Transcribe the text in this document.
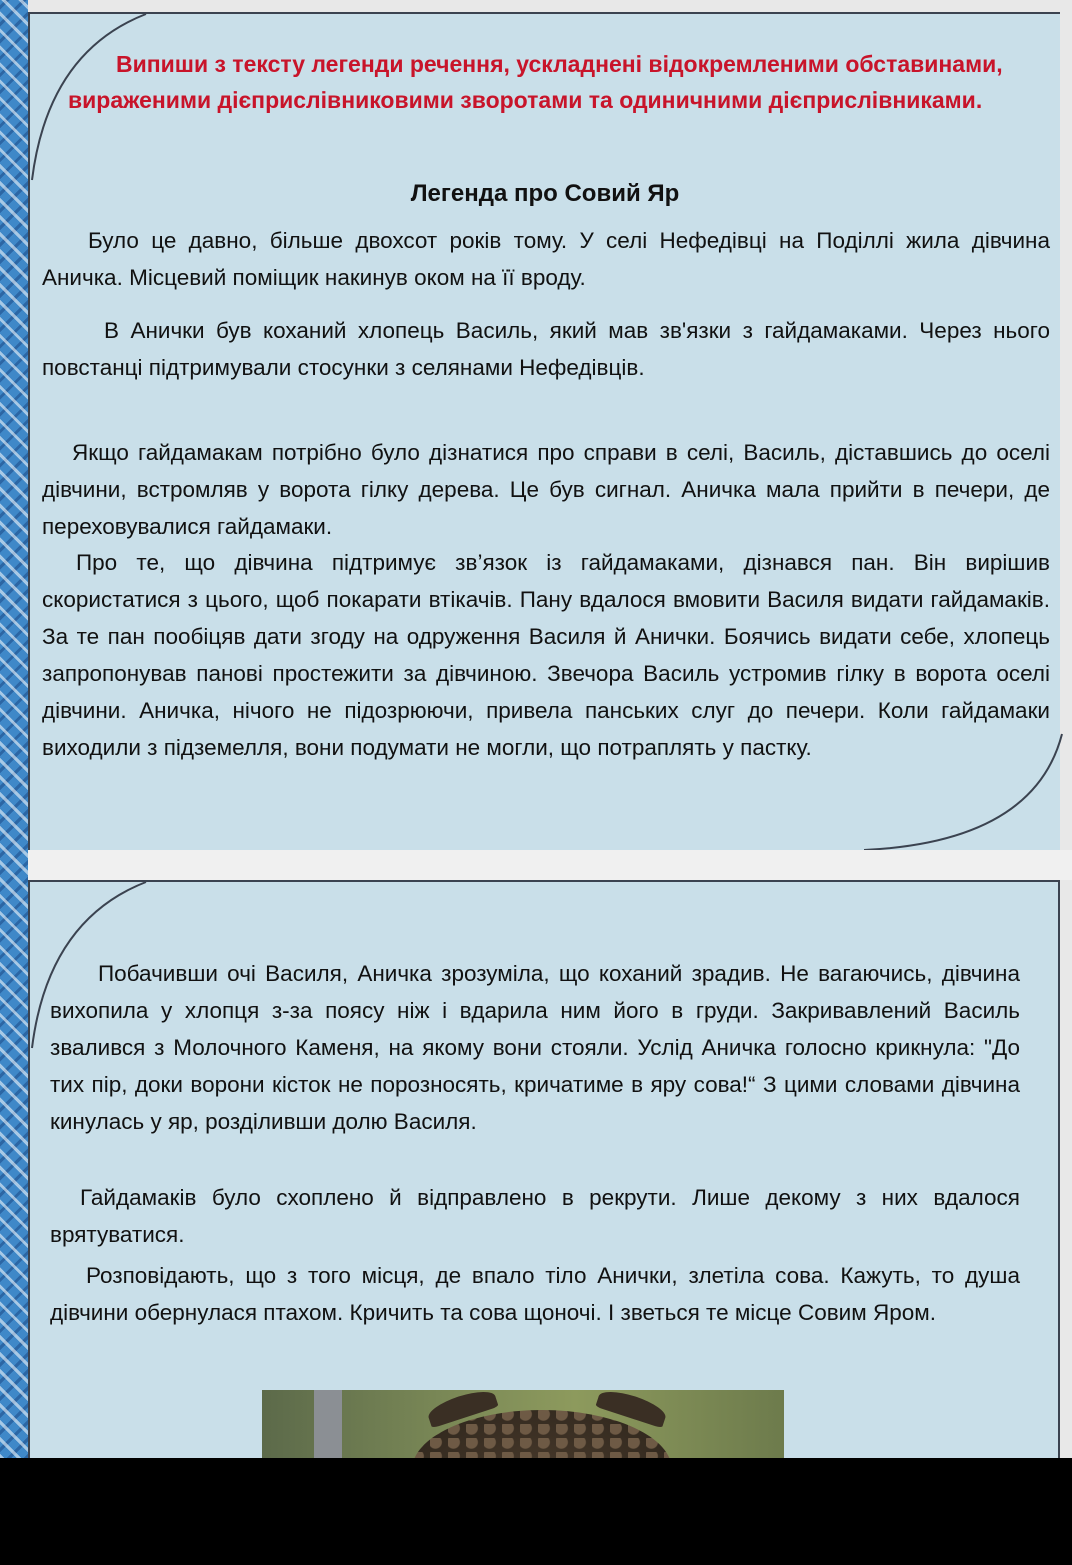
Випиши з тексту легенди речення, ускладнені відокремленими обставинами, вираженими дієприслівниковими зворотами та одиничними дієприслівниками.

Легенда про Совий Яр

Було це давно, більше двохсот років тому. У селі Нефедівці на Поділлі жила дівчина Аничка. Місцевий поміщик накинув оком на її вроду.

В Анички був коханий хлопець Василь, який мав зв'язки з гайдамаками. Через нього повстанці підтримували стосунки з селянами Нефедівців.

Якщо гайдамакам потрібно було дізнатися про справи в селі, Василь, діставшись до оселі дівчини, встромляв у ворота гілку дерева. Це був сигнал. Аничка мала прийти в печери, де переховувалися гайдамаки.

Про те, що дівчина підтримує зв’язок із гайдамаками, дізнався пан. Він вирішив скористатися з цього, щоб покарати втікачів. Пану вдалося вмовити Василя видати гайдамаків. За те пан пообіцяв дати згоду на одруження Василя й Анички. Боячись видати себе, хлопець запропонував панові простежити за дівчиною. Звечора Василь устромив гілку в ворота оселі дівчини. Аничка, нічого не підозрюючи, привела панських слуг до печери. Коли гайдамаки виходили з підземелля, вони подумати не могли, що потраплять у пастку.

Побачивши очі Василя, Аничка зрозуміла, що коханий зрадив. Не вагаючись, дівчина вихопила у хлопця з-за поясу ніж і вдарила ним його в груди. Закривавлений Василь звалився з Молочного Каменя, на якому вони стояли. Услід Аничка голосно крикнула: "До тих пір, доки ворони кісток не порозносять, кричатиме в яру сова!“ З цими словами дівчина кинулась у яр, розділивши долю Василя.

Гайдамаків було схоплено й відправлено в рекрути. Лише декому з них вдалося врятуватися.

Розповідають, що з того місця, де впало тіло Анички, злетіла сова. Кажуть, то душа дівчини обернулася птахом. Кричить та сова щоночі. І зветься те місце Совим Яром.
